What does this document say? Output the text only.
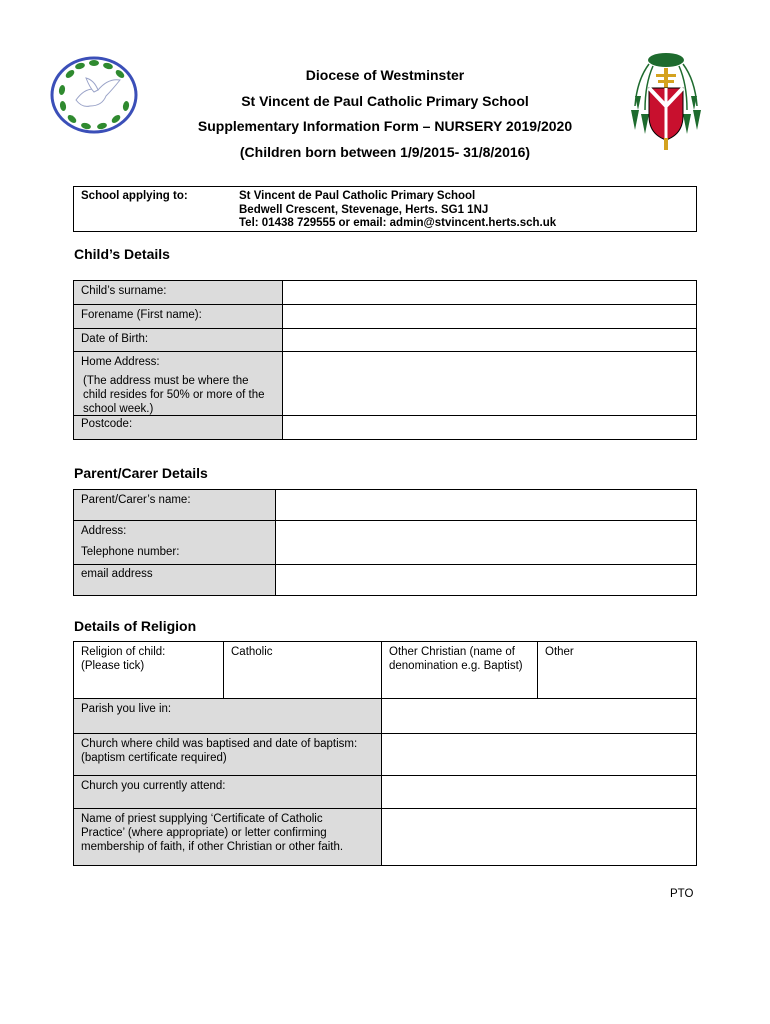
Diocese of Westminster
St Vincent de Paul Catholic Primary School
Supplementary Information Form – NURSERY 2019/2020
(Children born between 1/9/2015- 31/8/2016)
School applying to:	St Vincent de Paul Catholic Primary School
Bedwell Crescent, Stevenage, Herts. SG1 1NJ
Tel: 01438 729555 or email: admin@stvincent.herts.sch.uk
Child’s Details
Child’s surname:
Forename (First name):
Date of Birth:
Home Address:
(The address must be where the child resides for 50% or more of the school week.)
Postcode:
Parent/Carer Details
Parent/Carer’s name:
Address:
Telephone number:
email address
Details of Religion
Religion of child:
(Please tick)
Catholic	Other Christian (name of denomination e.g. Baptist)
Other
Parish you live in:
Church where child was baptised and date of baptism: (baptism certificate required)
Church you currently attend:
Name of priest supplying ‘Certificate of Catholic Practice’ (where appropriate) or letter confirming membership of faith, if other Christian or other faith.
PTO
